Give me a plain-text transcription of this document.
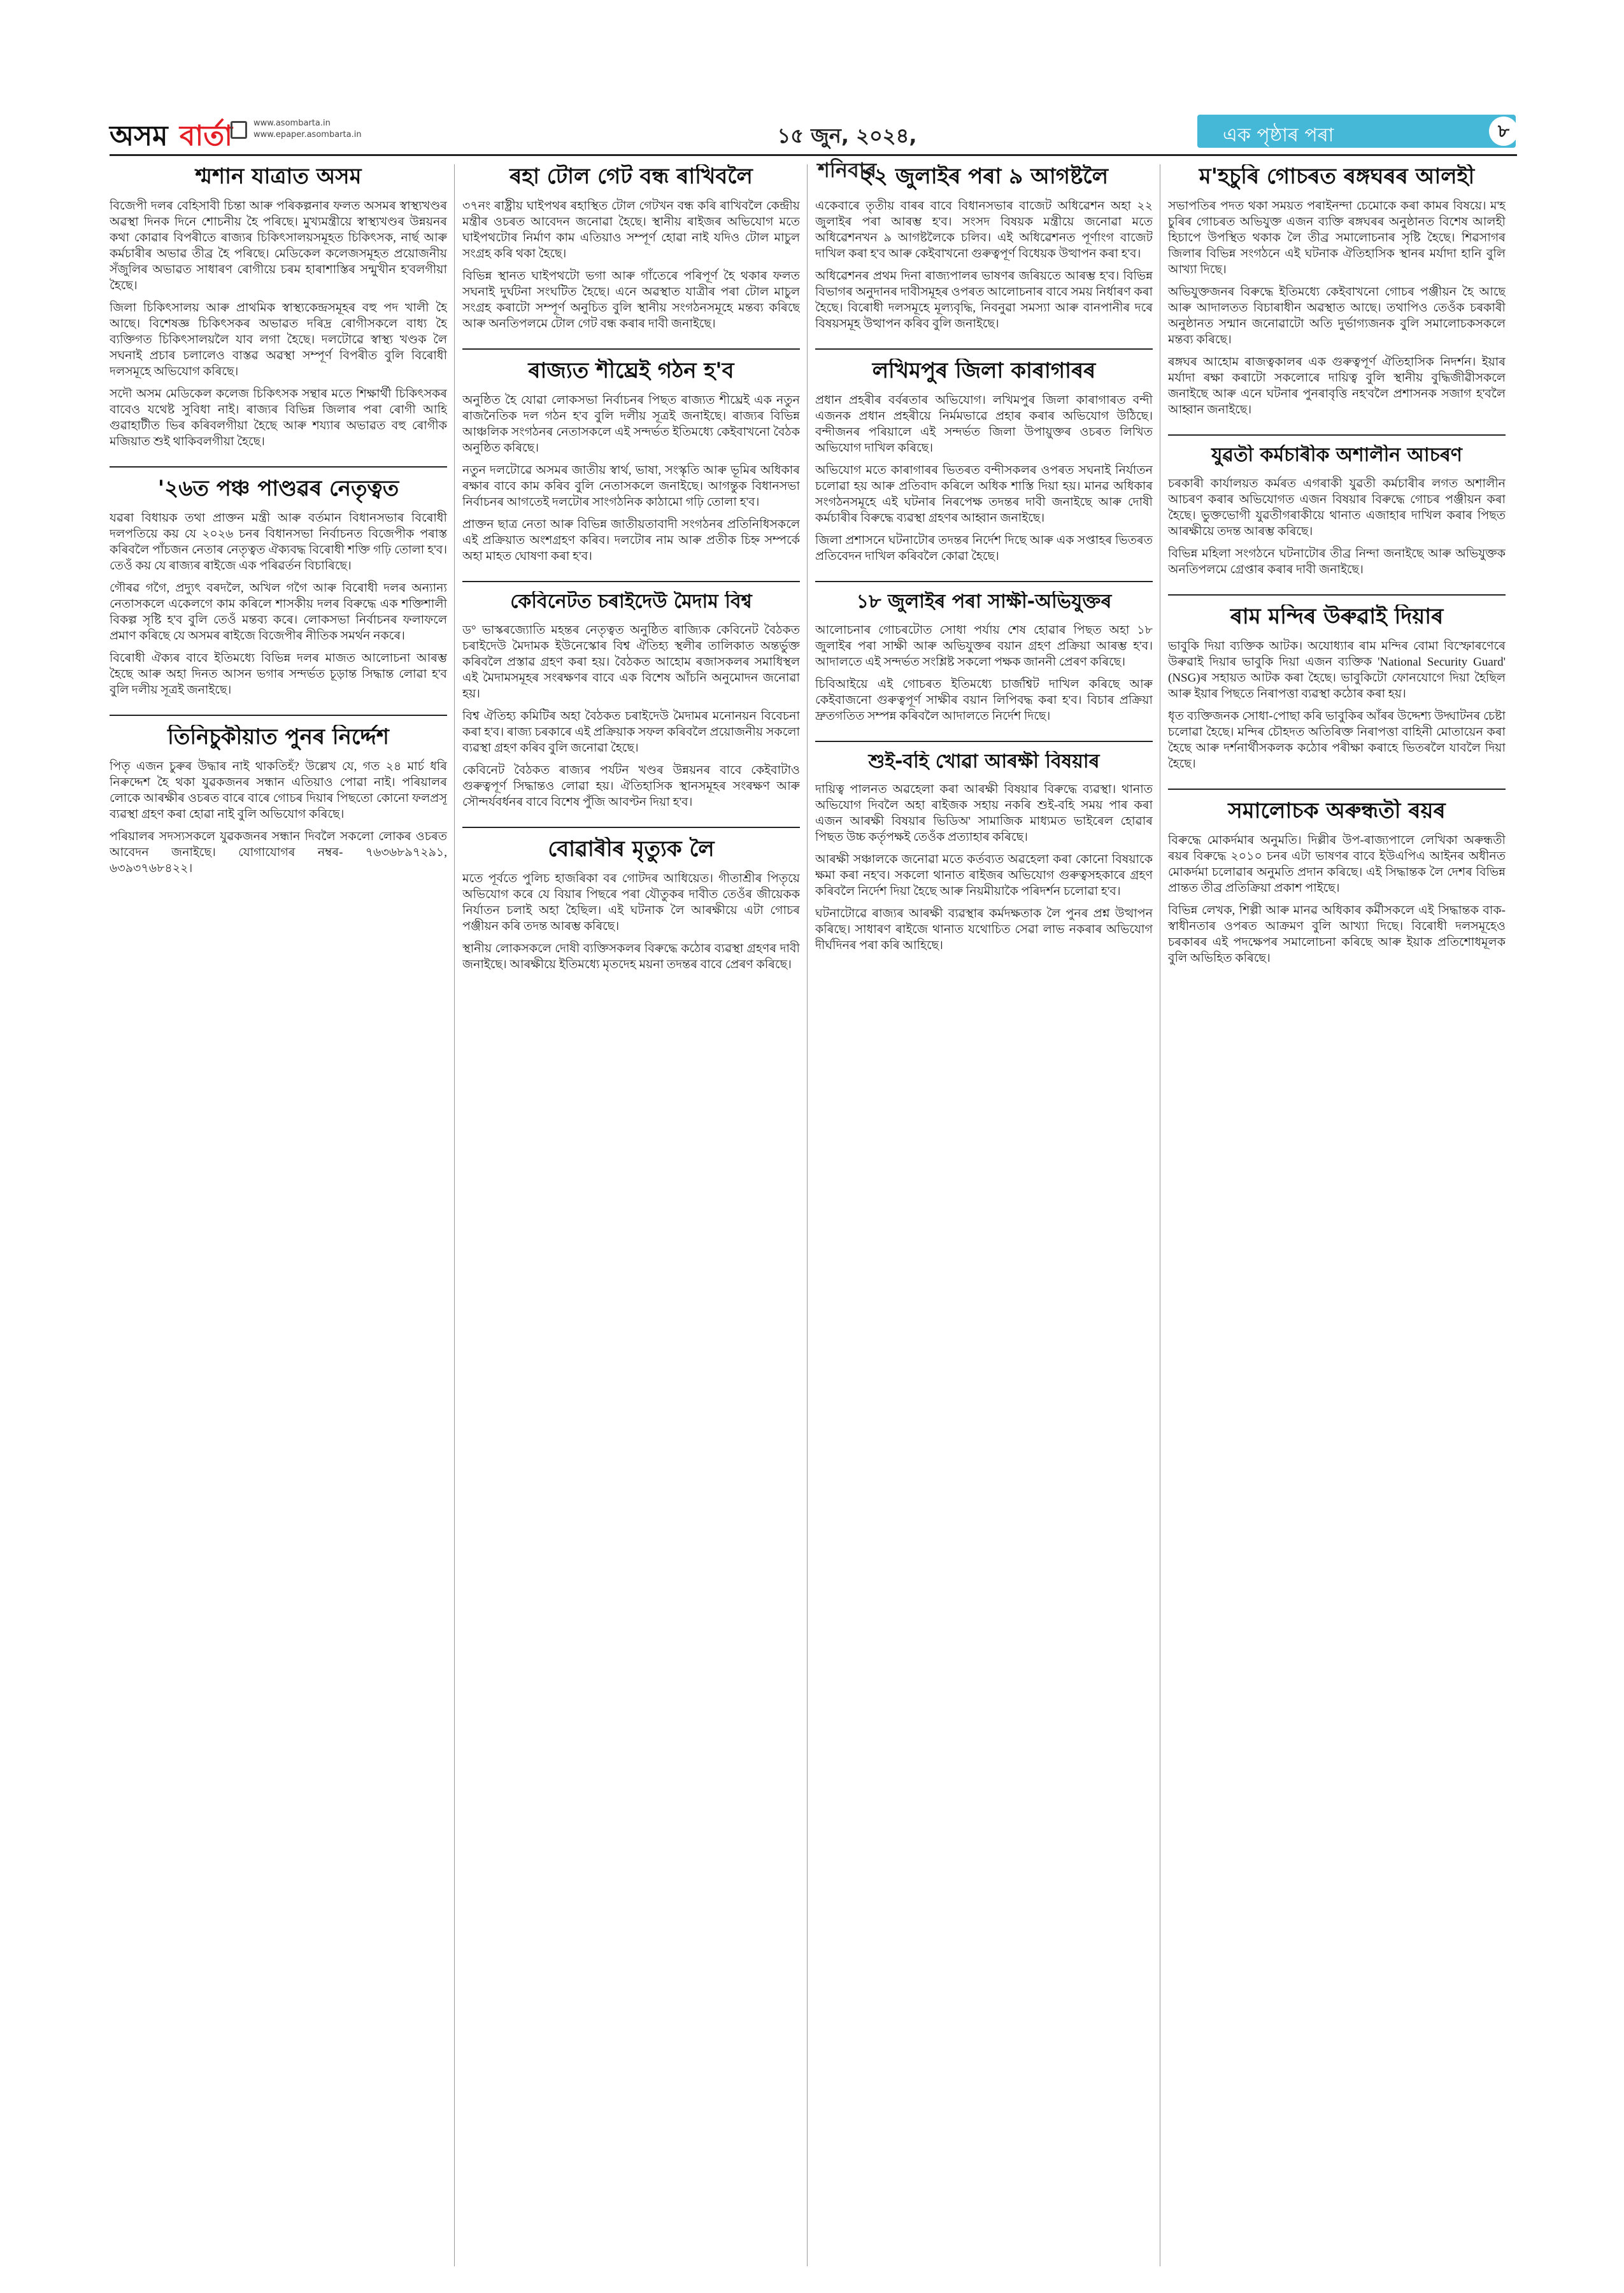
অসম বার্তা	www.asombarta.in
www.epaper.asombarta.in	১৫ জুন, ২০২৪, শনিবাৰ
এক পৃষ্ঠাৰ পৰা	৮
শ্মশান যাত্ৰাত অসম

বিজেপী দলৰ বেহিসাবী চিন্তা আৰু পৰিকল্পনাৰ ফলত অসমৰ স্বাস্থ্যখণ্ডৰ অৱস্থা দিনক দিনে শোচনীয় হৈ পৰিছে। মুখ্যমন্ত্ৰীয়ে স্বাস্থ্যখণ্ডৰ উন্নয়নৰ কথা কোৱাৰ বিপৰীতে ৰাজ্যৰ চিকিৎসালয়সমূহত চিকিৎসক, নাৰ্ছ আৰু কৰ্মচাৰীৰ অভাৱ তীব্ৰ হৈ পৰিছে। মেডিকেল কলেজসমূহত প্ৰয়োজনীয় সঁজুলিৰ অভাৱত সাধাৰণ ৰোগীয়ে চৰম হাৰাশাস্তিৰ সন্মুখীন হ'বলগীয়া হৈছে।

জিলা চিকিৎসালয় আৰু প্ৰাথমিক স্বাস্থ্যকেন্দ্ৰসমূহৰ বহু পদ খালী হৈ আছে। বিশেষজ্ঞ চিকিৎসকৰ অভাৱত দৰিদ্ৰ ৰোগীসকলে বাধ্য হৈ ব্যক্তিগত চিকিৎসালয়লৈ যাব লগা হৈছে। দলটোৱে স্বাস্থ্য খণ্ডক লৈ সঘনাই প্ৰচাৰ চলালেও বাস্তৱ অৱস্থা সম্পূৰ্ণ বিপৰীত বুলি বিৰোধী দলসমূহে অভিযোগ কৰিছে।

সদৌ অসম মেডিকেল কলেজ চিকিৎসক সন্থাৰ মতে শিক্ষাৰ্থী চিকিৎসকৰ বাবেও যথেষ্ট সুবিধা নাই। ৰাজ্যৰ বিভিন্ন জিলাৰ পৰা ৰোগী আহি গুৱাহাটীত ভিৰ কৰিবলগীয়া হৈছে আৰু শয্যাৰ অভাৱত বহু ৰোগীক মজিয়াত শুই থাকিবলগীয়া হৈছে।

'২৬ত পঞ্চ পাণ্ডৱৰ নেতৃত্বত

যৱৰা বিধায়ক তথা প্ৰাক্তন মন্ত্ৰী আৰু বৰ্তমান বিধানসভাৰ বিৰোধী দলপতিয়ে কয় যে ২০২৬ চনৰ বিধানসভা নিৰ্বাচনত বিজেপীক পৰাস্ত কৰিবলৈ পাঁচজন নেতাৰ নেতৃত্বত ঐক্যবদ্ধ বিৰোধী শক্তি গঢ়ি তোলা হ'ব। তেওঁ কয় যে ৰাজ্যৰ ৰাইজে এক পৰিৱৰ্তন বিচাৰিছে।

গৌৰৱ গগৈ, প্ৰদ্যুৎ বৰদলৈ, অখিল গগৈ আৰু বিৰোধী দলৰ অন্যান্য নেতাসকলে একেলগে কাম কৰিলে শাসকীয় দলৰ বিৰুদ্ধে এক শক্তিশালী বিকল্প সৃষ্টি হ'ব বুলি তেওঁ মন্তব্য কৰে। লোকসভা নিৰ্বাচনৰ ফলাফলে প্ৰমাণ কৰিছে যে অসমৰ ৰাইজে বিজেপীৰ নীতিক সমৰ্থন নকৰে।

বিৰোধী ঐক্যৰ বাবে ইতিমধ্যে বিভিন্ন দলৰ মাজত আলোচনা আৰম্ভ হৈছে আৰু অহা দিনত আসন ভগাৰ সন্দৰ্ভত চূড়ান্ত সিদ্ধান্ত লোৱা হ'ব বুলি দলীয় সূত্ৰই জনাইছে।

তিনিচুকীয়াত পুনৰ নিৰ্দ্দেশ

পিতৃ এজন চুৰুৰ উদ্ধাৰ নাই থাকতিহঁ? উল্লেখ যে, গত ২৪ মাৰ্চ ধৰি নিৰুদ্দেশ হৈ থকা যুৱকজনৰ সন্ধান এতিয়াও পোৱা নাই। পৰিয়ালৰ লোকে আৰক্ষীৰ ওচৰত বাৰে বাৰে গোচৰ দিয়াৰ পিছতো কোনো ফলপ্ৰসূ ব্যৱস্থা গ্ৰহণ কৰা হোৱা নাই বুলি অভিযোগ কৰিছে।

পৰিয়ালৰ সদস্যসকলে যুৱকজনৰ সন্ধান দিবলৈ সকলো লোকৰ ওচৰত আবেদন জনাইছে। যোগাযোগৰ নম্বৰ- ৭৬৩৬৮৯৭২৯১, ৬৩৯৩৭৬৮৪২২।

ৰহা টোল গেট বন্ধ ৰাখিবলৈ

৩৭নং ৰাষ্ট্ৰীয় ঘাইপথৰ ৰহাস্থিত টোল গেটখন বন্ধ কৰি ৰাখিবলৈ কেন্দ্ৰীয় মন্ত্ৰীৰ ওচৰত আবেদন জনোৱা হৈছে। স্থানীয় ৰাইজৰ অভিযোগ মতে ঘাইপথটোৰ নিৰ্মাণ কাম এতিয়াও সম্পূৰ্ণ হোৱা নাই যদিও টোল মাচুল সংগ্ৰহ কৰি থকা হৈছে।

বিভিন্ন স্থানত ঘাইপথটো ভগা আৰু গাঁতেৰে পৰিপূৰ্ণ হৈ থকাৰ ফলত সঘনাই দুৰ্ঘটনা সংঘটিত হৈছে। এনে অৱস্থাত যাত্ৰীৰ পৰা টোল মাচুল সংগ্ৰহ কৰাটো সম্পূৰ্ণ অনুচিত বুলি স্থানীয় সংগঠনসমূহে মন্তব্য কৰিছে আৰু অনতিপলমে টোল গেট বন্ধ কৰাৰ দাবী জনাইছে।

ৰাজ্যত শীঘ্ৰেই গঠন হ'ব

অনুষ্ঠিত হৈ যোৱা লোকসভা নিৰ্বাচনৰ পিছত ৰাজ্যত শীঘ্ৰেই এক নতুন ৰাজনৈতিক দল গঠন হ'ব বুলি দলীয় সূত্ৰই জনাইছে। ৰাজ্যৰ বিভিন্ন আঞ্চলিক সংগঠনৰ নেতাসকলে এই সন্দৰ্ভত ইতিমধ্যে কেইবাখনো বৈঠক অনুষ্ঠিত কৰিছে।

নতুন দলটোৱে অসমৰ জাতীয় স্বাৰ্থ, ভাষা, সংস্কৃতি আৰু ভূমিৰ অধিকাৰ ৰক্ষাৰ বাবে কাম কৰিব বুলি নেতাসকলে জনাইছে। আগন্তুক বিধানসভা নিৰ্বাচনৰ আগতেই দলটোৰ সাংগঠনিক কাঠামো গঢ়ি তোলা হ'ব।

প্ৰাক্তন ছাত্ৰ নেতা আৰু বিভিন্ন জাতীয়তাবাদী সংগঠনৰ প্ৰতিনিধিসকলে এই প্ৰক্ৰিয়াত অংশগ্ৰহণ কৰিব। দলটোৰ নাম আৰু প্ৰতীক চিহ্ন সম্পৰ্কে অহা মাহত ঘোষণা কৰা হ'ব।

কেবিনেটত চৰাইদেউ মৈদাম বিশ্ব

ড° ভাস্কৰজ্যোতি মহন্তৰ নেতৃত্বত অনুষ্ঠিত ৰাজ্যিক কেবিনেট বৈঠকত চৰাইদেউ মৈদামক ইউনেস্কোৰ বিশ্ব ঐতিহ্য স্থলীৰ তালিকাত অন্তৰ্ভুক্ত কৰিবলৈ প্ৰস্তাৱ গ্ৰহণ কৰা হয়। বৈঠকত আহোম ৰজাসকলৰ সমাধিস্থল এই মৈদামসমূহৰ সংৰক্ষণৰ বাবে এক বিশেষ আঁচনি অনুমোদন জনোৱা হয়।

বিশ্ব ঐতিহ্য কমিটিৰ অহা বৈঠকত চৰাইদেউ মৈদামৰ মনোনয়ন বিবেচনা কৰা হ'ব। ৰাজ্য চৰকাৰে এই প্ৰক্ৰিয়াক সফল কৰিবলৈ প্ৰয়োজনীয় সকলো ব্যৱস্থা গ্ৰহণ কৰিব বুলি জনোৱা হৈছে।

কেবিনেট বৈঠকত ৰাজ্যৰ পৰ্যটন খণ্ডৰ উন্নয়নৰ বাবে কেইবাটাও গুৰুত্বপূৰ্ণ সিদ্ধান্তও লোৱা হয়। ঐতিহাসিক স্থানসমূহৰ সংৰক্ষণ আৰু সৌন্দৰ্যবৰ্ধনৰ বাবে বিশেষ পুঁজি আবণ্টন দিয়া হ'ব।

বোৱাৰীৰ মৃত্যুক লৈ

মতে পূৰ্বতে পুলিচ হাজৰিকা বৰ গোটদৰ আধিয়েত। গীতাশ্ৰীৰ পিতৃয়ে অভিযোগ কৰে যে বিয়াৰ পিছৰে পৰা যৌতুকৰ দাবীত তেওঁৰ জীয়েকক নিৰ্যাতন চলাই অহা হৈছিল। এই ঘটনাক লৈ আৰক্ষীয়ে এটা গোচৰ পঞ্জীয়ন কৰি তদন্ত আৰম্ভ কৰিছে।

স্থানীয় লোকসকলে দোষী ব্যক্তিসকলৰ বিৰুদ্ধে কঠোৰ ব্যৱস্থা গ্ৰহণৰ দাবী জনাইছে। আৰক্ষীয়ে ইতিমধ্যে মৃতদেহ ময়না তদন্তৰ বাবে প্ৰেৰণ কৰিছে।

২২ জুলাইৰ পৰা ৯ আগষ্টলৈ

একেবাৰে তৃতীয় বাৰৰ বাবে বিধানসভাৰ বাজেট অধিৱেশন অহা ২২ জুলাইৰ পৰা আৰম্ভ হ'ব। সংসদ বিষয়ক মন্ত্ৰীয়ে জনোৱা মতে অধিৱেশনখন ৯ আগষ্টলৈকে চলিব। এই অধিৱেশনত পূৰ্ণাংগ বাজেট দাখিল কৰা হ'ব আৰু কেইবাখনো গুৰুত্বপূৰ্ণ বিধেয়ক উত্থাপন কৰা হ'ব।

অধিৱেশনৰ প্ৰথম দিনা ৰাজ্যপালৰ ভাষণৰ জৰিয়তে আৰম্ভ হ'ব। বিভিন্ন বিভাগৰ অনুদানৰ দাবীসমূহৰ ওপৰত আলোচনাৰ বাবে সময় নিৰ্ধাৰণ কৰা হৈছে। বিৰোধী দলসমূহে মূল্যবৃদ্ধি, নিবনুৱা সমস্যা আৰু বানপানীৰ দৰে বিষয়সমূহ উত্থাপন কৰিব বুলি জনাইছে।

লখিমপুৰ জিলা কাৰাগাৰৰ

প্ৰধান প্ৰহৰীৰ বৰ্বৰতাৰ অভিযোগ। লখিমপুৰ জিলা কাৰাগাৰত বন্দী এজনক প্ৰধান প্ৰহৰীয়ে নিৰ্মমভাৱে প্ৰহাৰ কৰাৰ অভিযোগ উঠিছে। বন্দীজনৰ পৰিয়ালে এই সন্দৰ্ভত জিলা উপায়ুক্তৰ ওচৰত লিখিত অভিযোগ দাখিল কৰিছে।

অভিযোগ মতে কাৰাগাৰৰ ভিতৰত বন্দীসকলৰ ওপৰত সঘনাই নিৰ্যাতন চলোৱা হয় আৰু প্ৰতিবাদ কৰিলে অধিক শাস্তি দিয়া হয়। মানৱ অধিকাৰ সংগঠনসমূহে এই ঘটনাৰ নিৰপেক্ষ তদন্তৰ দাবী জনাইছে আৰু দোষী কৰ্মচাৰীৰ বিৰুদ্ধে ব্যৱস্থা গ্ৰহণৰ আহ্বান জনাইছে।

জিলা প্ৰশাসনে ঘটনাটোৰ তদন্তৰ নিৰ্দেশ দিছে আৰু এক সপ্তাহৰ ভিতৰত প্ৰতিবেদন দাখিল কৰিবলৈ কোৱা হৈছে।

১৮ জুলাইৰ পৰা সাক্ষী-অভিযুক্তৰ

আলোচনাৰ গোচৰটোত সোধা পৰ্যায় শেষ হোৱাৰ পিছত অহা ১৮ জুলাইৰ পৰা সাক্ষী আৰু অভিযুক্তৰ বয়ান গ্ৰহণ প্ৰক্ৰিয়া আৰম্ভ হ'ব। আদালতে এই সন্দৰ্ভত সংশ্লিষ্ট সকলো পক্ষক জাননী প্ৰেৰণ কৰিছে।

চিবিআইয়ে এই গোচৰত ইতিমধ্যে চাৰ্জশ্বিট দাখিল কৰিছে আৰু কেইবাজনো গুৰুত্বপূৰ্ণ সাক্ষীৰ বয়ান লিপিবদ্ধ কৰা হ'ব। বিচাৰ প্ৰক্ৰিয়া দ্ৰুতগতিত সম্পন্ন কৰিবলৈ আদালতে নিৰ্দেশ দিছে।

শুই-বহি খোৱা আৰক্ষী বিষয়াৰ

দায়িত্ব পালনত অৱহেলা কৰা আৰক্ষী বিষয়াৰ বিৰুদ্ধে ব্যৱস্থা। থানাত অভিযোগ দিবলৈ অহা ৰাইজক সহায় নকৰি শুই-বহি সময় পাৰ কৰা এজন আৰক্ষী বিষয়াৰ ভিডিঅ' সামাজিক মাধ্যমত ভাইৰেল হোৱাৰ পিছত উচ্চ কৰ্তৃপক্ষই তেওঁক প্ৰত্যাহাৰ কৰিছে।

আৰক্ষী সঞ্চালকে জনোৱা মতে কৰ্তব্যত অৱহেলা কৰা কোনো বিষয়াকে ক্ষমা কৰা নহ'ব। সকলো থানাত ৰাইজৰ অভিযোগ গুৰুত্বসহকাৰে গ্ৰহণ কৰিবলৈ নিৰ্দেশ দিয়া হৈছে আৰু নিয়মীয়াকৈ পৰিদৰ্শন চলোৱা হ'ব।

ঘটনাটোৱে ৰাজ্যৰ আৰক্ষী ব্যৱস্থাৰ কৰ্মদক্ষতাক লৈ পুনৰ প্ৰশ্ন উত্থাপন কৰিছে। সাধাৰণ ৰাইজে থানাত যথোচিত সেৱা লাভ নকৰাৰ অভিযোগ দীৰ্ঘদিনৰ পৰা কৰি আহিছে।

ম'হচুৰি গোচৰত ৰঙ্গঘৰৰ আলহী

সভাপতিৰ পদত থকা সময়ত পৰাইনন্দা চেমোকে কৰা কামৰ বিষয়ে। ম'হ চুৰিৰ গোচৰত অভিযুক্ত এজন ব্যক্তি ৰঙ্গঘৰৰ অনুষ্ঠানত বিশেষ আলহী হিচাপে উপস্থিত থকাক লৈ তীব্ৰ সমালোচনাৰ সৃষ্টি হৈছে। শিৱসাগৰ জিলাৰ বিভিন্ন সংগঠনে এই ঘটনাক ঐতিহাসিক স্থানৰ মৰ্যাদা হানি বুলি আখ্যা দিছে।

অভিযুক্তজনৰ বিৰুদ্ধে ইতিমধ্যে কেইবাখনো গোচৰ পঞ্জীয়ন হৈ আছে আৰু আদালতত বিচাৰাধীন অৱস্থাত আছে। তথাপিও তেওঁক চৰকাৰী অনুষ্ঠানত সন্মান জনোৱাটো অতি দুৰ্ভাগ্যজনক বুলি সমালোচকসকলে মন্তব্য কৰিছে।

ৰঙ্গঘৰ আহোম ৰাজত্বকালৰ এক গুৰুত্বপূৰ্ণ ঐতিহাসিক নিদৰ্শন। ইয়াৰ মৰ্যাদা ৰক্ষা কৰাটো সকলোৰে দায়িত্ব বুলি স্থানীয় বুদ্ধিজীৱীসকলে জনাইছে আৰু এনে ঘটনাৰ পুনৰাবৃত্তি নহ'বলৈ প্ৰশাসনক সজাগ হ'বলৈ আহ্বান জনাইছে।

যুৱতী কৰ্মচাৰীক অশালীন আচৰণ

চৰকাৰী কাৰ্যালয়ত কৰ্মৰত এগৰাকী যুৱতী কৰ্মচাৰীৰ লগত অশালীন আচৰণ কৰাৰ অভিযোগত এজন বিষয়াৰ বিৰুদ্ধে গোচৰ পঞ্জীয়ন কৰা হৈছে। ভুক্তভোগী যুৱতীগৰাকীয়ে থানাত এজাহাৰ দাখিল কৰাৰ পিছত আৰক্ষীয়ে তদন্ত আৰম্ভ কৰিছে।

বিভিন্ন মহিলা সংগঠনে ঘটনাটোৰ তীব্ৰ নিন্দা জনাইছে আৰু অভিযুক্তক অনতিপলমে গ্ৰেপ্তাৰ কৰাৰ দাবী জনাইছে।

ৰাম মন্দিৰ উৰুৱাই দিয়াৰ

ভাবুকি দিয়া ব্যক্তিক আটক। অযোধ্যাৰ ৰাম মন্দিৰ বোমা বিস্ফোৰণেৰে উৰুৱাই দিয়াৰ ভাবুকি দিয়া এজন ব্যক্তিক 'National Security Guard' (NSG)ৰ সহায়ত আটক কৰা হৈছে। ভাবুকিটো ফোনযোগে দিয়া হৈছিল আৰু ইয়াৰ পিছতে নিৰাপত্তা ব্যৱস্থা কঠোৰ কৰা হয়।

ধৃত ব্যক্তিজনক সোধা-পোছা কৰি ভাবুকিৰ আঁৰৰ উদ্দেশ্য উদ্ঘাটনৰ চেষ্টা চলোৱা হৈছে। মন্দিৰ চৌহদত অতিৰিক্ত নিৰাপত্তা বাহিনী মোতায়েন কৰা হৈছে আৰু দৰ্শনাৰ্থীসকলক কঠোৰ পৰীক্ষা কৰাহে ভিতৰলৈ যাবলৈ দিয়া হৈছে।

সমালোচক অৰুন্ধতী ৰয়ৰ

বিৰুদ্ধে মোকৰ্দমাৰ অনুমতি। দিল্লীৰ উপ-ৰাজ্যপালে লেখিকা অৰুন্ধতী ৰয়ৰ বিৰুদ্ধে ২০১০ চনৰ এটা ভাষণৰ বাবে ইউএপিএ আইনৰ অধীনত মোকৰ্দমা চলোৱাৰ অনুমতি প্ৰদান কৰিছে। এই সিদ্ধান্তক লৈ দেশৰ বিভিন্ন প্ৰান্তত তীব্ৰ প্ৰতিক্ৰিয়া প্ৰকাশ পাইছে।

বিভিন্ন লেখক, শিল্পী আৰু মানৱ অধিকাৰ কৰ্মীসকলে এই সিদ্ধান্তক বাক-স্বাধীনতাৰ ওপৰত আক্ৰমণ বুলি আখ্যা দিছে। বিৰোধী দলসমূহেও চৰকাৰৰ এই পদক্ষেপৰ সমালোচনা কৰিছে আৰু ইয়াক প্ৰতিশোধমূলক বুলি অভিহিত কৰিছে।
